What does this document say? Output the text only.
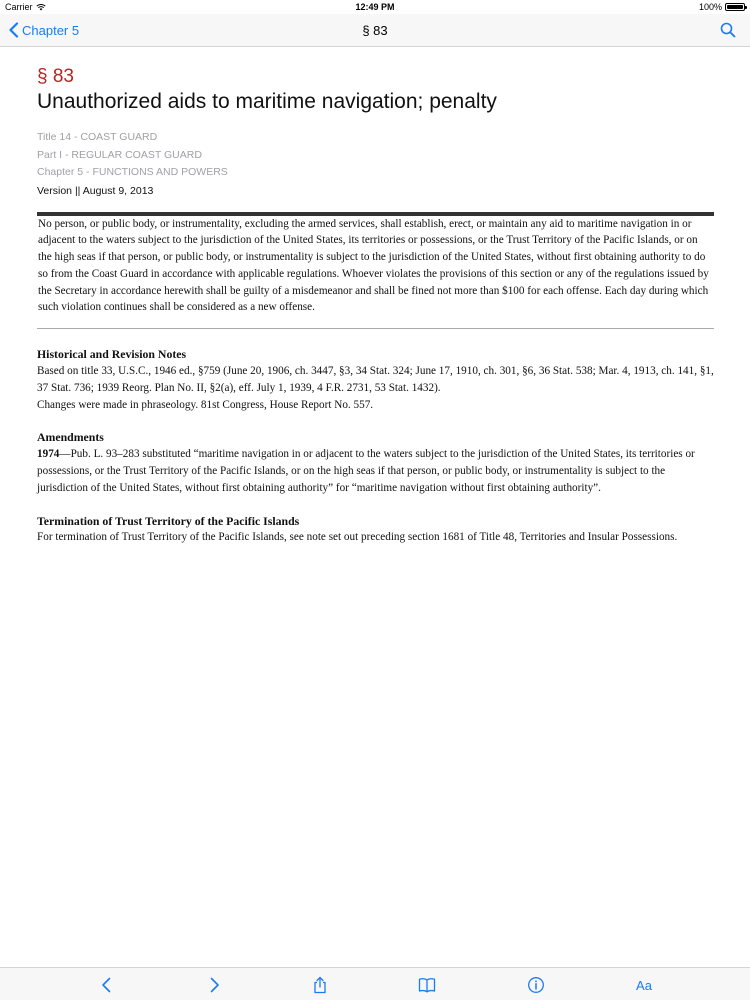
Carrier	12:49 PM	100%
Chapter 5	§ 83
§ 83
Unauthorized aids to maritime navigation; penalty
Title 14 - COAST GUARD
Part I - REGULAR COAST GUARD
Chapter 5 - FUNCTIONS AND POWERS
Version || August 9, 2013

No person, or public body, or instrumentality, excluding the armed services, shall establish, erect, or maintain any aid to maritime navigation in or adjacent to the waters subject to the jurisdiction of the United States, its territories or possessions, or the Trust Territory of the Pacific Islands, or on the high seas if that person, or public body, or instrumentality is subject to the jurisdiction of the United States, without first obtaining authority to do so from the Coast Guard in accordance with applicable regulations. Whoever violates the provisions of this section or any of the regulations issued by the Secretary in accordance herewith shall be guilty of a misdemeanor and shall be fined not more than $100 for each offense. Each day during which such violation continues shall be considered as a new offense.

Historical and Revision Notes

Based on title 33, U.S.C., 1946 ed., §759 (June 20, 1906, ch. 3447, §3, 34 Stat. 324; June 17, 1910, ch. 301, §6, 36 Stat. 538; Mar. 4, 1913, ch. 141, §1, 37 Stat. 736; 1939 Reorg. Plan No. II, §2(a), eff. July 1, 1939, 4 F.R. 2731, 53 Stat. 1432).

Changes were made in phraseology. 81st Congress, House Report No. 557.

Amendments

1974—Pub. L. 93–283 substituted “maritime navigation in or adjacent to the waters subject to the jurisdiction of the United States, its territories or possessions, or the Trust Territory of the Pacific Islands, or on the high seas if that person, or public body, or instrumentality is subject to the jurisdiction of the United States, without first obtaining authority” for “maritime navigation without first obtaining authority”.

Termination of Trust Territory of the Pacific Islands

For termination of Trust Territory of the Pacific Islands, see note set out preceding section 1681 of Title 48, Territories and Insular Possessions.

Aa
